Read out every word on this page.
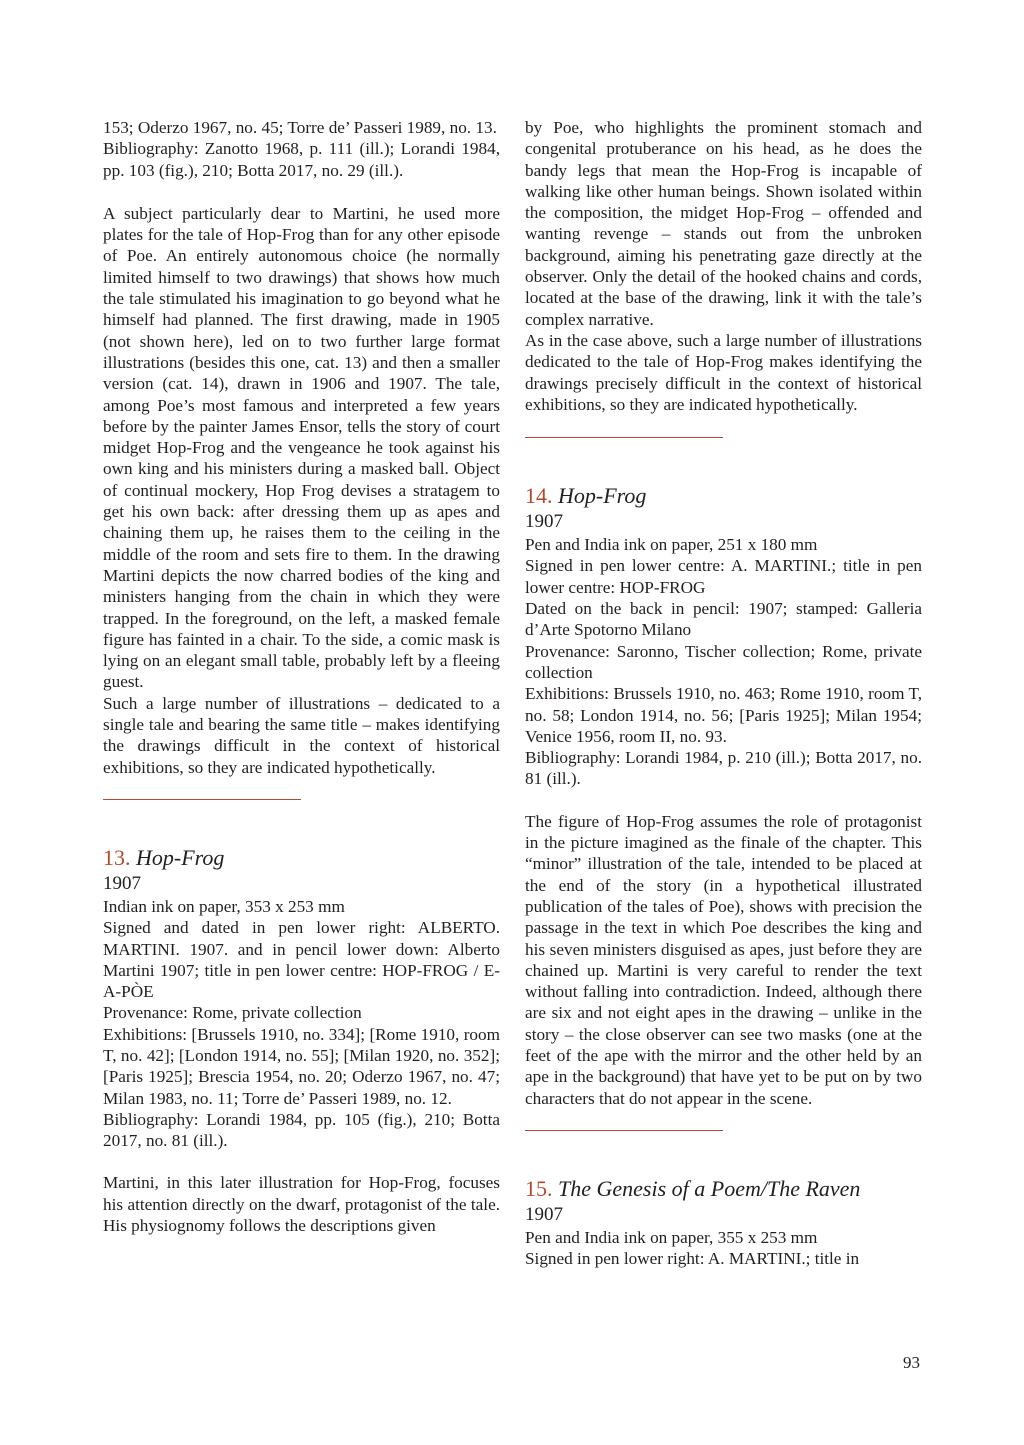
153; Oderzo 1967, no. 45; Torre de’ Passeri 1989, no. 13.

Bibliography: Zanotto 1968, p. 111 (ill.); Lorandi 1984, pp. 103 (fig.), 210; Botta 2017, no. 29 (ill.).

A subject particularly dear to Martini, he used more plates for the tale of Hop-Frog than for any other episode of Poe. An entirely autonomous choice (he normally limited himself to two drawings) that shows how much the tale stimulated his imagination to go beyond what he himself had planned. The first drawing, made in 1905 (not shown here), led on to two further large format illustrations (besides this one, cat. 13) and then a smaller version (cat. 14), drawn in 1906 and 1907. The tale, among Poe’s most famous and interpreted a few years before by the painter James Ensor, tells the story of court midget Hop-Frog and the vengeance he took against his own king and his ministers during a masked ball. Object of continual mockery, Hop Frog devises a stratagem to get his own back: after dressing them up as apes and chaining them up, he raises them to the ceiling in the middle of the room and sets fire to them. In the drawing Martini depicts the now charred bodies of the king and ministers hanging from the chain in which they were trapped. In the foreground, on the left, a masked female figure has fainted in a chair. To the side, a comic mask is lying on an elegant small table, probably left by a fleeing guest.

Such a large number of illustrations – dedicated to a single tale and bearing the same title – makes identifying the drawings difficult in the context of historical exhibitions, so they are indicated hypothetically.

13. Hop-Frog

1907

Indian ink on paper, 353 x 253 mm

Signed and dated in pen lower right: ALBERTO. MARTINI. 1907. and in pencil lower down: Alberto Martini 1907; title in pen lower centre: HOP-FROG / E-A-PÒE

Provenance: Rome, private collection

Exhibitions: [Brussels 1910, no. 334]; [Rome 1910, room T, no. 42]; [London 1914, no. 55]; [Milan 1920, no. 352]; [Paris 1925]; Brescia 1954, no. 20; Oderzo 1967, no. 47; Milan 1983, no. 11; Torre de’ Passeri 1989, no. 12.

Bibliography: Lorandi 1984, pp. 105 (fig.), 210; Botta 2017, no. 81 (ill.).

Martini, in this later illustration for Hop-Frog, focuses his attention directly on the dwarf, protagonist of the tale. His physiognomy follows the descriptions given

by Poe, who highlights the prominent stomach and congenital protuberance on his head, as he does the bandy legs that mean the Hop-Frog is incapable of walking like other human beings. Shown isolated within the composition, the midget Hop-Frog – offended and wanting revenge – stands out from the unbroken background, aiming his penetrating gaze directly at the observer. Only the detail of the hooked chains and cords, located at the base of the drawing, link it with the tale’s complex narrative.

As in the case above, such a large number of illustrations dedicated to the tale of Hop-Frog makes identifying the drawings precisely difficult in the context of historical exhibitions, so they are indicated hypothetically.

14. Hop-Frog

1907

Pen and India ink on paper, 251 x 180 mm

Signed in pen lower centre: A. MARTINI.; title in pen lower centre: HOP-FROG

Dated on the back in pencil: 1907; stamped: Galleria d’Arte Spotorno Milano

Provenance: Saronno, Tischer collection; Rome, private collection

Exhibitions: Brussels 1910, no. 463; Rome 1910, room T, no. 58; London 1914, no. 56; [Paris 1925]; Milan 1954; Venice 1956, room II, no. 93.

Bibliography: Lorandi 1984, p. 210 (ill.); Botta 2017, no. 81 (ill.).

The figure of Hop-Frog assumes the role of protagonist in the picture imagined as the finale of the chapter. This “minor” illustration of the tale, intended to be placed at the end of the story (in a hypothetical illustrated publication of the tales of Poe), shows with precision the passage in the text in which Poe describes the king and his seven ministers disguised as apes, just before they are chained up. Martini is very careful to render the text without falling into contradiction. Indeed, although there are six and not eight apes in the drawing – unlike in the story – the close observer can see two masks (one at the feet of the ape with the mirror and the other held by an ape in the background) that have yet to be put on by two characters that do not appear in the scene.

15. The Genesis of a Poem/The Raven

1907

Pen and India ink on paper, 355 x 253 mm

Signed in pen lower right: A. MARTINI.; title in

93
